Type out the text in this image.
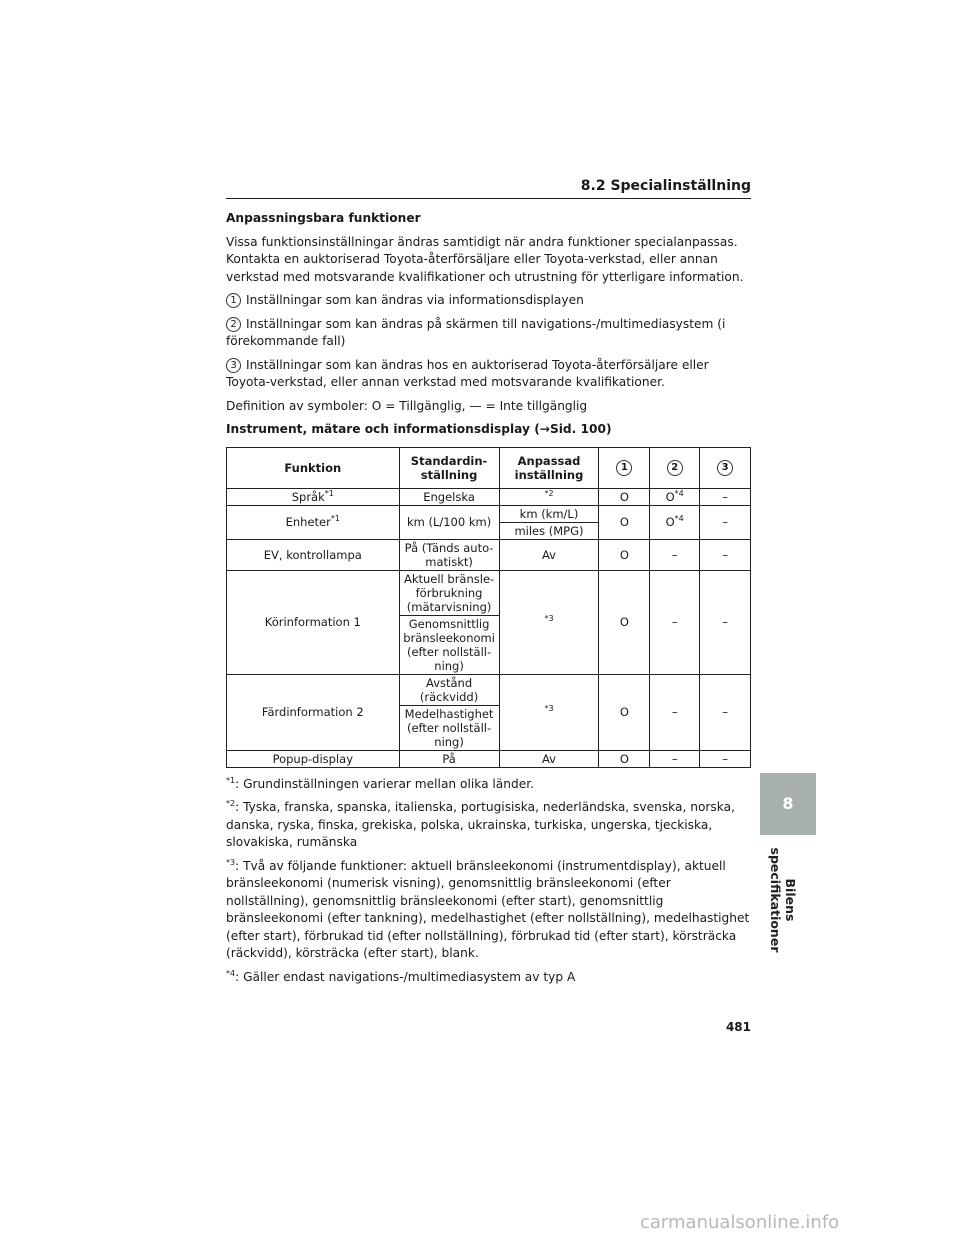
8.2 Specialinställning

Anpassningsbara funktioner

Vissa funktionsinställningar ändras samtidigt när andra funktioner specialanpassas. Kontakta en auktoriserad Toyota-återförsäljare eller Toyota-verkstad, eller annan verkstad med motsvarande kvalifikationer och utrustning för ytterligare information.

1 Inställningar som kan ändras via informationsdisplayen

2 Inställningar som kan ändras på skärmen till navigations-/multimediasystem (i förekommande fall)

3 Inställningar som kan ändras hos en auktoriserad Toyota-återförsäljare eller Toyota-verkstad, eller annan verkstad med motsvarande kvalifikationer.

Definition av symboler: O = Tillgänglig, — = Inte tillgänglig

Instrument, mätare och informationsdisplay (→Sid. 100)

Funktion	Standardin-ställning	Anpassad inställning	1	2	3
Språk$^{*1}$	Engelska	$^{*2}$	O	$O^{*4}$	–
Enheter$^{*1}$	km (L/100 km)	km (km/L)	O	$O^{*4}$	–
		miles (MPG)			
EV, kontrollampa	På (Tänds auto-matiskt)	Av	O	–	–
Körinformation 1	Aktuell bränsle-förbrukning (mätarvisning)	$^{*3}$	O	–	–
	Genomsnittlig bränsleekonomi (efter nollställ-ning)				
Färdinformation 2	Avstånd (räckvidd)	$^{*3}$	O	–	–
	Medelhastighet (efter nollställ-ning)				
Popup-display	På	Av	O	–	–

$^{*1}$: Grundinställningen varierar mellan olika länder.

$^{*2}$: Tyska, franska, spanska, italienska, portugisiska, nederländska, svenska, norska, danska, ryska, finska, grekiska, polska, ukrainska, turkiska, ungerska, tjeckiska, slovakiska, rumänska

$^{*3}$: Två av följande funktioner: aktuell bränsleekonomi (instrumentdisplay), aktuell bränsleekonomi (numerisk visning), genomsnittlig bränsleekonomi (efter nollställning), genomsnittlig bränsleekonomi (efter start), genomsnittlig bränsleekonomi (efter tankning), medelhastighet (efter nollställning), medelhastighet (efter start), förbrukad tid (efter nollställning), förbrukad tid (efter start), körsträcka (räckvidd), körsträcka (efter start), blank.

$^{*4}$: Gäller endast navigations-/multimediasystem av typ A

8
Bilens specifikationer
481
carmanualsonline.info
